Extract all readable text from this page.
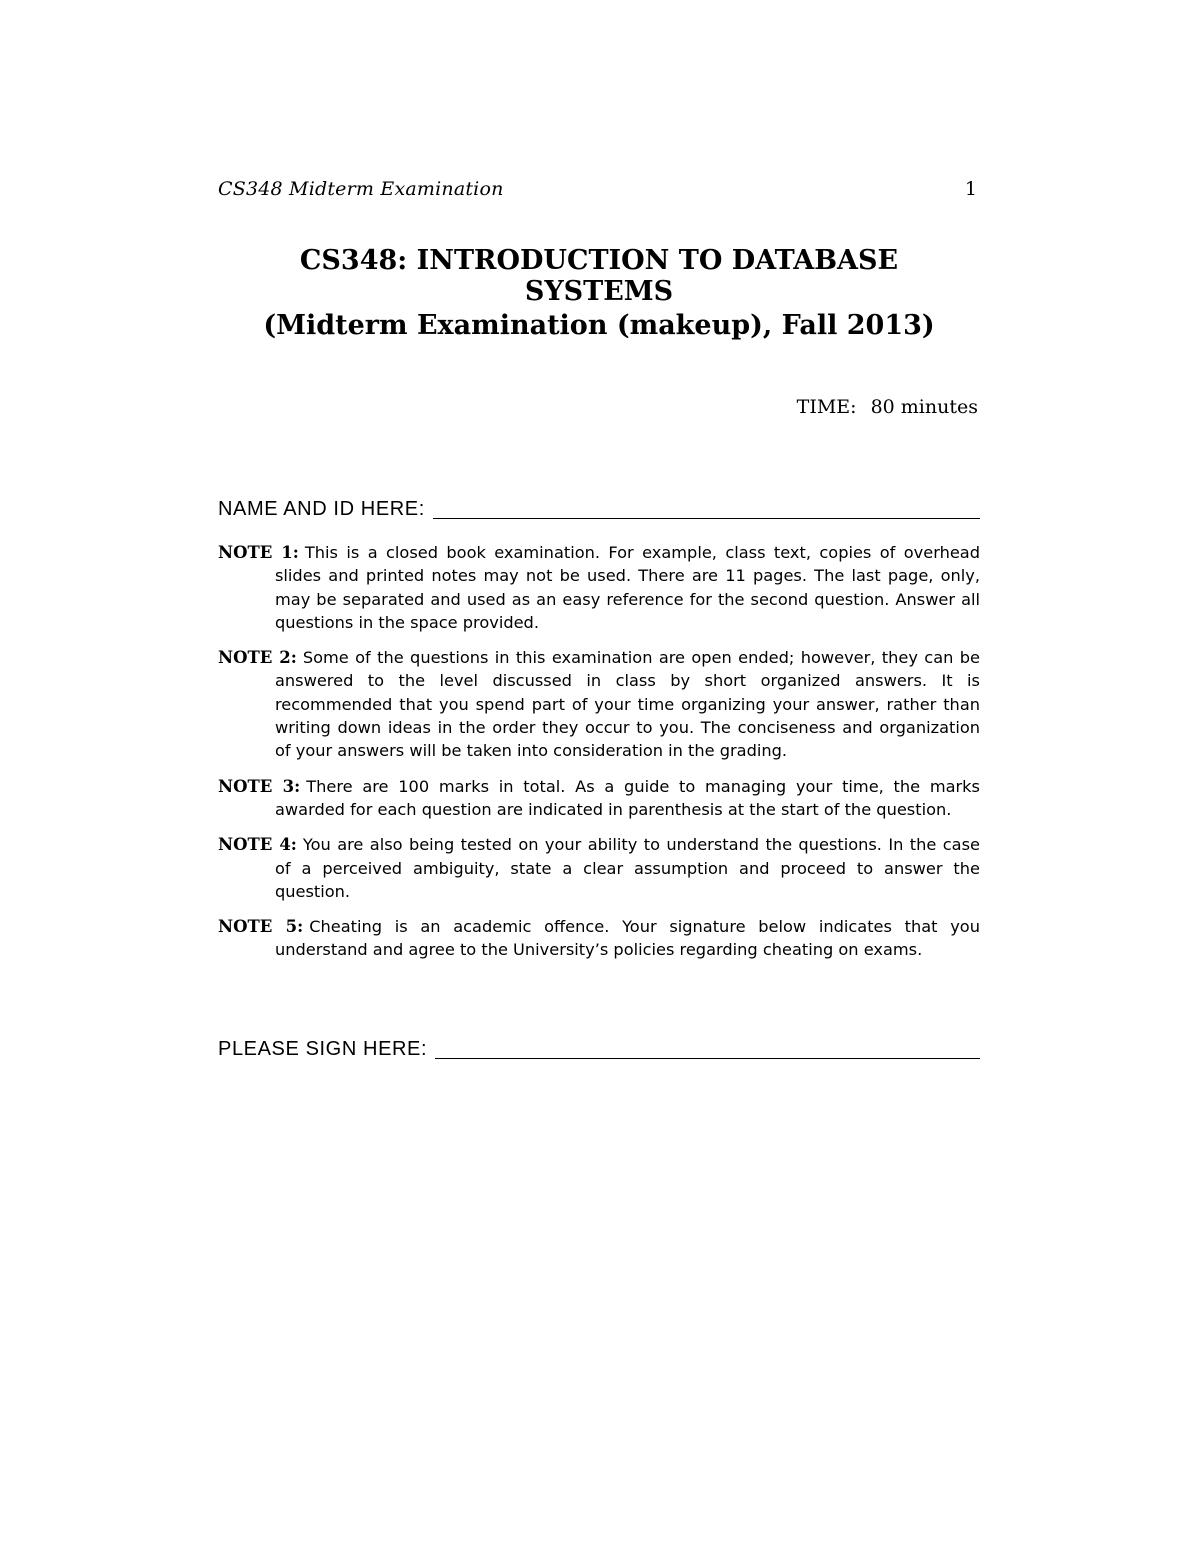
CS348 Midterm Examination	1
CS348: INTRODUCTION TO DATABASE
SYSTEMS
(Midterm Examination (makeup), Fall 2013)
TIME: 80 minutes
NAME AND ID HERE:
NOTE 1: This is a closed book examination. For example, class text, copies of overhead slides and printed notes may not be used. There are 11 pages. The last page, only, may be separated and used as an easy reference for the second question. Answer all questions in the space provided.
NOTE 2: Some of the questions in this examination are open ended; however, they can be answered to the level discussed in class by short organized answers. It is recommended that you spend part of your time organizing your answer, rather than writing down ideas in the order they occur to you. The conciseness and organization of your answers will be taken into consideration in the grading.
NOTE 3: There are 100 marks in total. As a guide to managing your time, the marks awarded for each question are indicated in parenthesis at the start of the question.
NOTE 4: You are also being tested on your ability to understand the questions. In the case of a perceived ambiguity, state a clear assumption and proceed to answer the question.
NOTE 5: Cheating is an academic offence. Your signature below indicates that you understand and agree to the University’s policies regarding cheating on exams.
PLEASE SIGN HERE:
